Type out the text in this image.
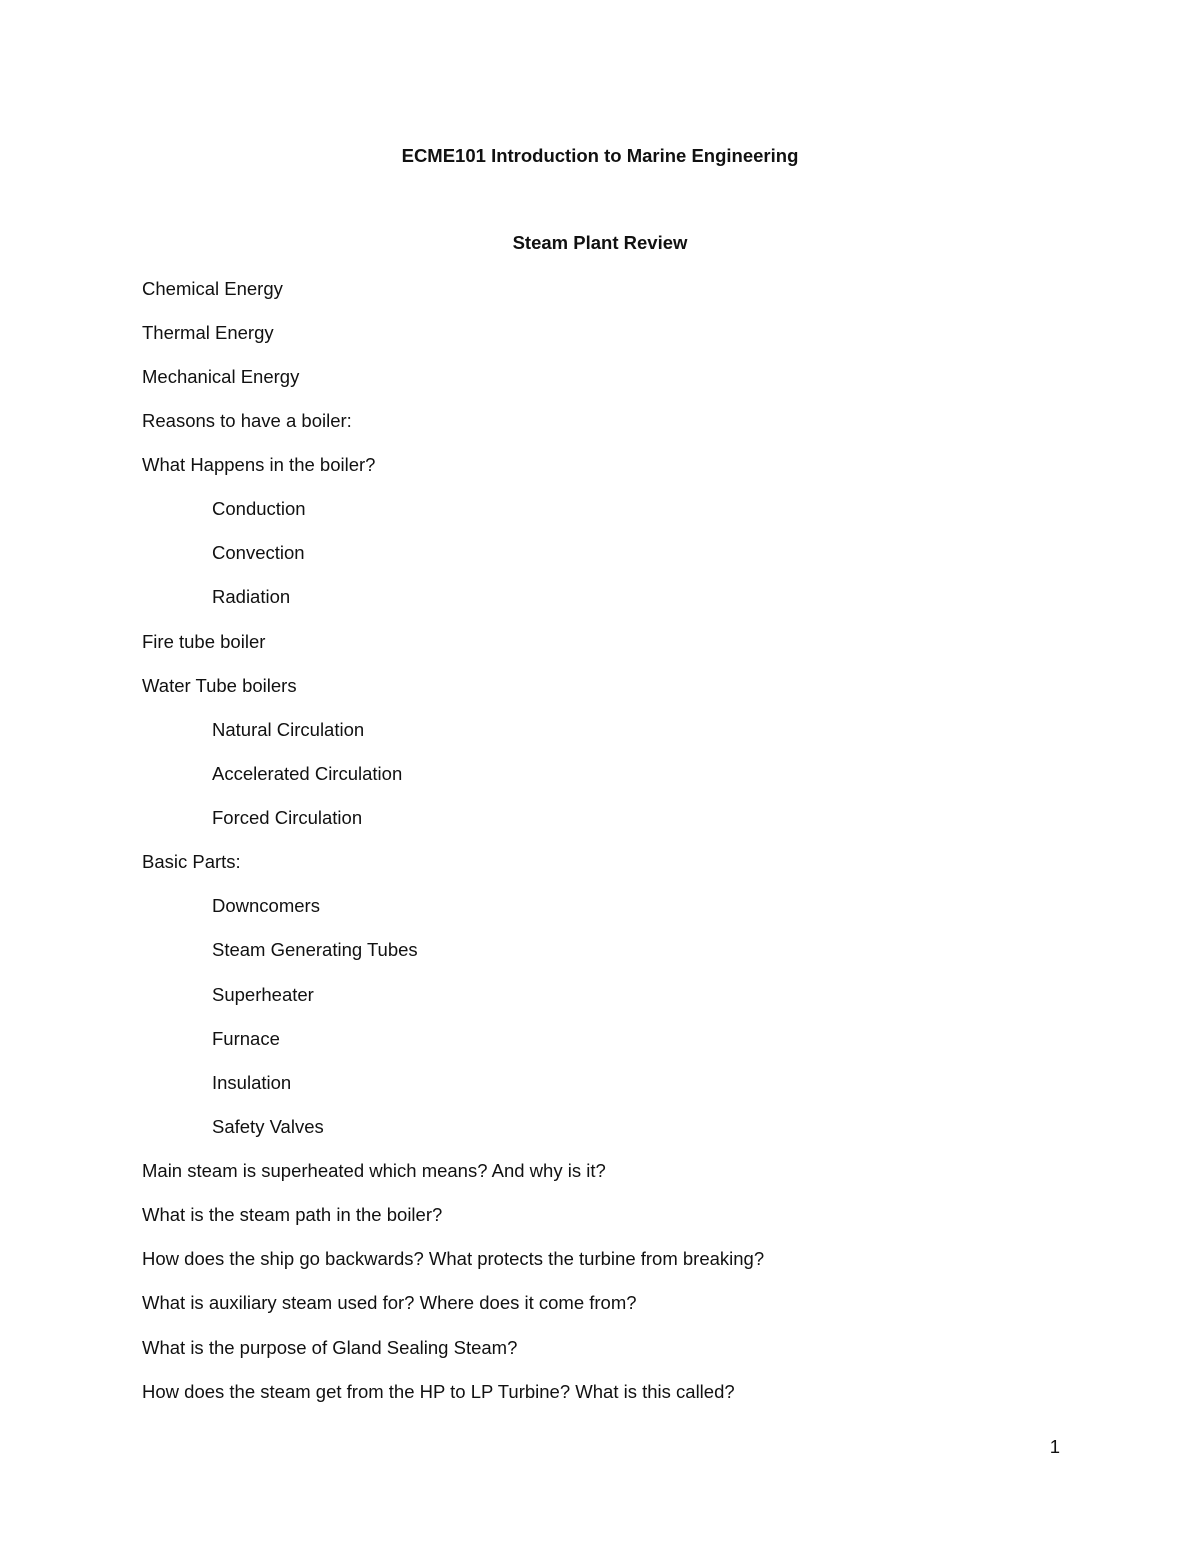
ECME101 Introduction to Marine Engineering
Steam Plant Review
Chemical Energy
Thermal Energy
Mechanical Energy
Reasons to have a boiler:
What Happens in the boiler?
Conduction
Convection
Radiation
Fire tube boiler
Water Tube boilers
Natural Circulation
Accelerated Circulation
Forced Circulation
Basic Parts:
Downcomers
Steam Generating Tubes
Superheater
Furnace
Insulation
Safety Valves
Main steam is superheated which means? And why is it?
What is the steam path in the boiler?
How does the ship go backwards? What protects the turbine from breaking?
What is auxiliary steam used for? Where does it come from?
What is the purpose of Gland Sealing Steam?
How does the steam get from the HP to LP Turbine? What is this called?
1
